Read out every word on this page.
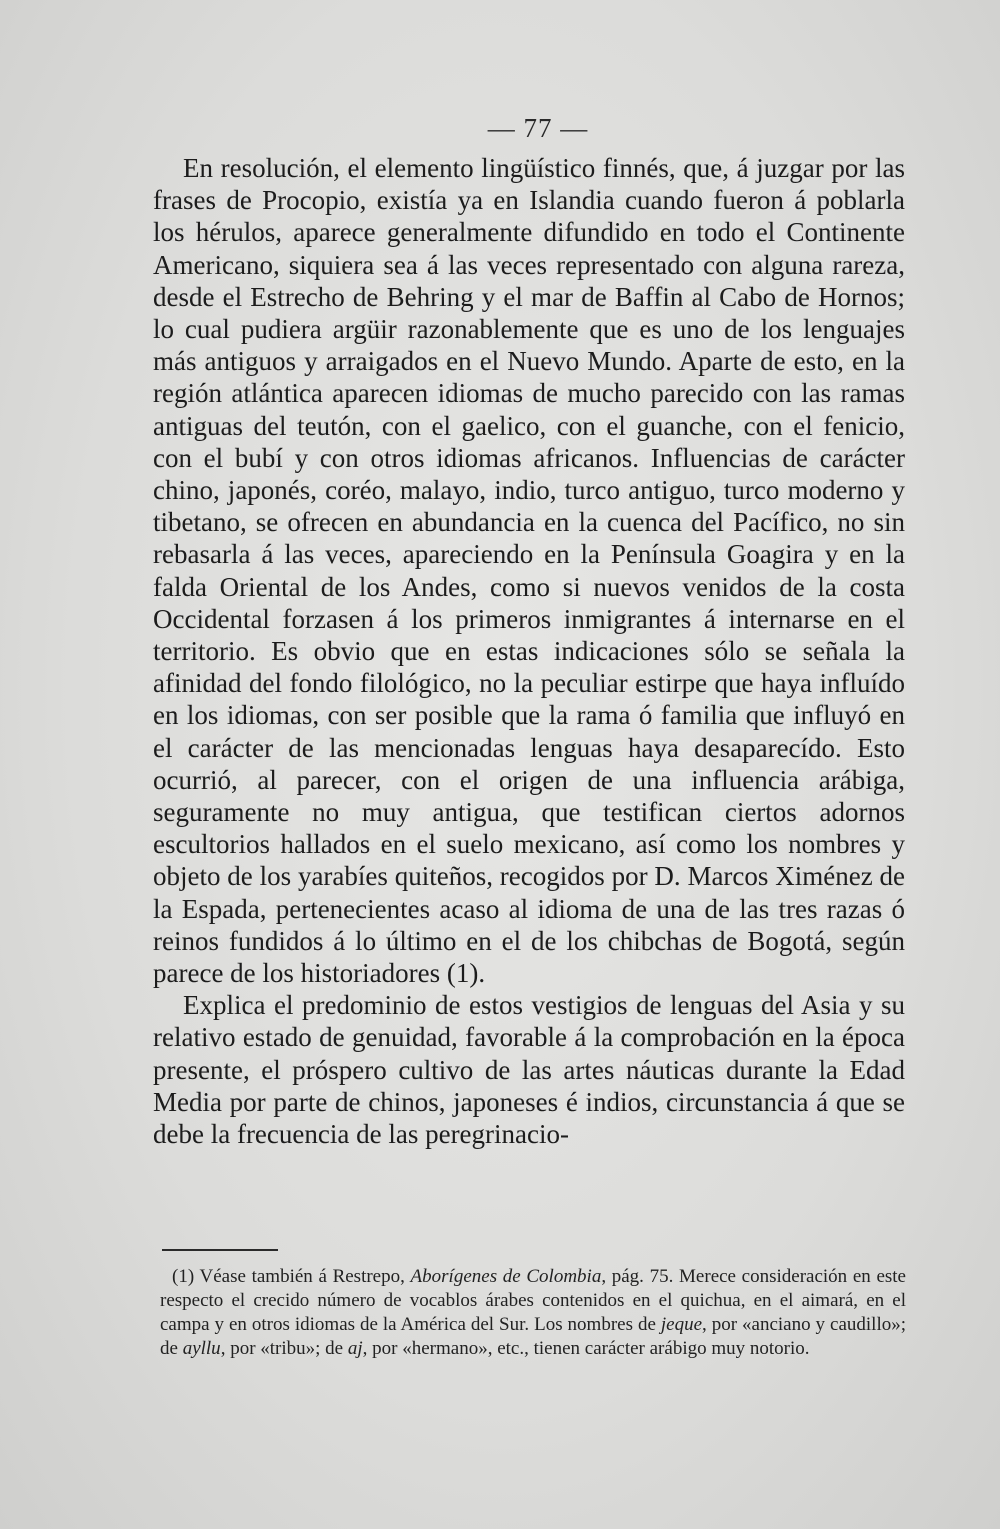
— 77 —

En resolución, el elemento lingüístico finnés, que, á juzgar por las frases de Procopio, existía ya en Islandia cuando fueron á poblarla los hérulos, aparece generalmente difundido en todo el Continente Americano, siquiera sea á las veces representado con alguna rareza, desde el Estrecho de Behring y el mar de Baffin al Cabo de Hornos; lo cual pudiera argüir razonablemente que es uno de los lenguajes más antiguos y arraigados en el Nuevo Mundo. Aparte de esto, en la región atlántica aparecen idiomas de mucho parecido con las ramas antiguas del teutón, con el gaelico, con el guanche, con el fenicio, con el bubí y con otros idiomas africanos. Influencias de carácter chino, japonés, coréo, malayo, indio, turco antiguo, turco moderno y tibetano, se ofrecen en abundancia en la cuenca del Pacífico, no sin rebasarla á las veces, apareciendo en la Península Goagira y en la falda Oriental de los Andes, como si nuevos venidos de la costa Occidental forzasen á los primeros inmigrantes á internarse en el territorio. Es obvio que en estas indicaciones sólo se señala la afinidad del fondo filológico, no la peculiar estirpe que haya influído en los idiomas, con ser posible que la rama ó familia que influyó en el carácter de las mencionadas lenguas haya desaparecído. Esto ocurrió, al parecer, con el origen de una influencia arábiga, seguramente no muy antigua, que testifican ciertos adornos escultorios hallados en el suelo mexicano, así como los nombres y objeto de los yarabíes quiteños, recogidos por D. Marcos Ximénez de la Espada, pertenecientes acaso al idioma de una de las tres razas ó reinos fundidos á lo último en el de los chibchas de Bogotá, según parece de los historiadores (1).

Explica el predominio de estos vestigios de lenguas del Asia y su relativo estado de genuidad, favorable á la comprobación en la época presente, el próspero cultivo de las artes náuticas durante la Edad Media por parte de chinos, japoneses é indios, circunstancia á que se debe la frecuencia de las peregrinacio-

(1) Véase también á Restrepo, Aborígenes de Colombia, pág. 75. Merece consideración en este respecto el crecido número de vocablos árabes contenidos en el quichua, en el aimará, en el campa y en otros idiomas de la América del Sur. Los nombres de jeque, por «anciano y caudillo»; de ayllu, por «tribu»; de aj, por «hermano», etc., tienen carácter arábigo muy notorio.
